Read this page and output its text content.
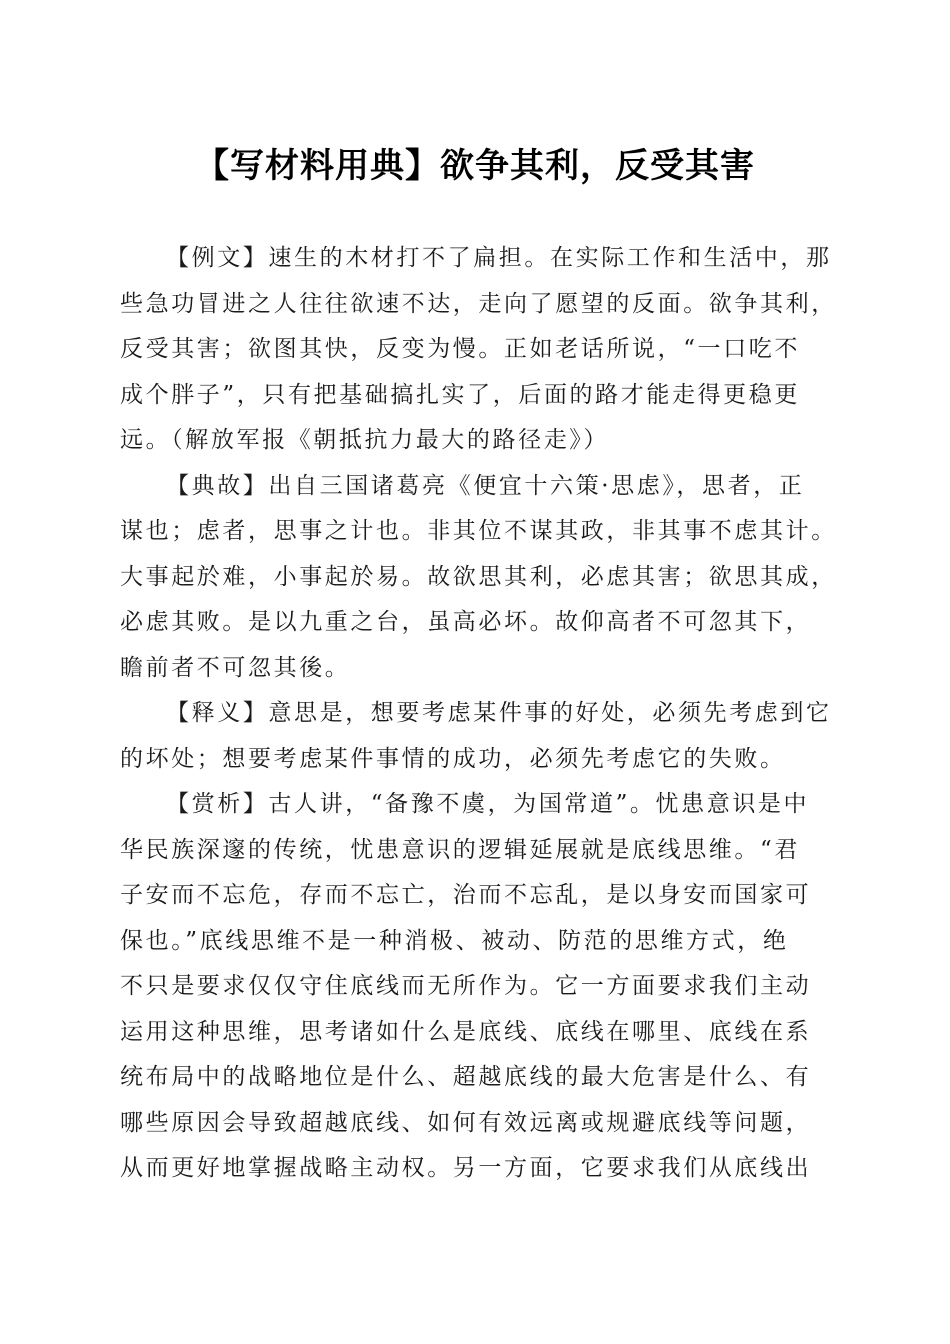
【写材料用典】欲争其利，反受其害
【例文】速生的木材打不了扁担。在实际工作和生活中，那
些急功冒进之人往往欲速不达，走向了愿望的反面。欲争其利，
反受其害；欲图其快，反变为慢。正如老话所说，“一口吃不
成个胖子”，只有把基础搞扎实了，后面的路才能走得更稳更
远。（解放军报《朝抵抗力最大的路径走》）
【典故】出自三国诸葛亮《便宜十六策·思虑》，思者，正
谋也；虑者，思事之计也。非其位不谋其政，非其事不虑其计。
大事起於难，小事起於易。故欲思其利，必虑其害；欲思其成，
必虑其败。是以九重之台，虽高必坏。故仰高者不可忽其下，
瞻前者不可忽其後。
【释义】意思是，想要考虑某件事的好处，必须先考虑到它
的坏处；想要考虑某件事情的成功，必须先考虑它的失败。
【赏析】古人讲，“备豫不虞，为国常道”。忧患意识是中
华民族深邃的传统，忧患意识的逻辑延展就是底线思维。“君
子安而不忘危，存而不忘亡，治而不忘乱，是以身安而国家可
保也。”底线思维不是一种消极、被动、防范的思维方式，绝
不只是要求仅仅守住底线而无所作为。它一方面要求我们主动
运用这种思维，思考诸如什么是底线、底线在哪里、底线在系
统布局中的战略地位是什么、超越底线的最大危害是什么、有
哪些原因会导致超越底线、如何有效远离或规避底线等问题，
从而更好地掌握战略主动权。另一方面，它要求我们从底线出
